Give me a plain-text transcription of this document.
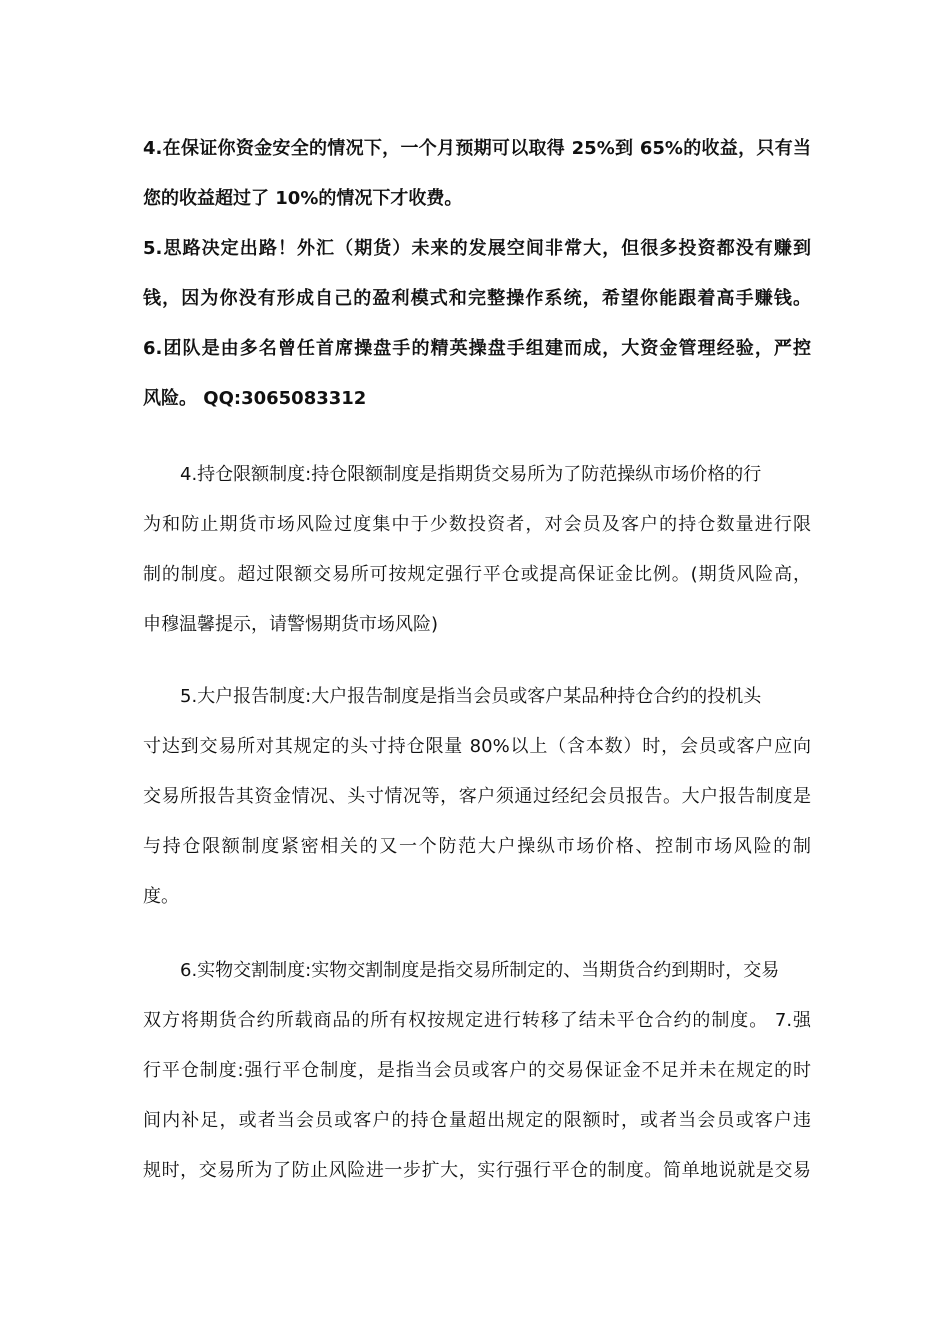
4.在保证你资金安全的情况下，一个月预期可以取得 25%到 65%的收益，只有当
您的收益超过了 10%的情况下才收费。
5.思路决定出路！外汇（期货）未来的发展空间非常大，但很多投资都没有赚到
钱，因为你没有形成自己的盈利模式和完整操作系统，希望你能跟着高手赚钱。
6.团队是由多名曾任首席操盘手的精英操盘手组建而成，大资金管理经验，严控
风险。 QQ:3065083312
4.持仓限额制度:持仓限额制度是指期货交易所为了防范操纵市场价格的行
为和防止期货市场风险过度集中于少数投资者，对会员及客户的持仓数量进行限
制的制度。超过限额交易所可按规定强行平仓或提高保证金比例。(期货风险高，
申穆温馨提示，请警惕期货市场风险)
5.大户报告制度:大户报告制度是指当会员或客户某品种持仓合约的投机头
寸达到交易所对其规定的头寸持仓限量 80%以上（含本数）时，会员或客户应向
交易所报告其资金情况、头寸情况等，客户须通过经纪会员报告。大户报告制度是
与持仓限额制度紧密相关的又一个防范大户操纵市场价格、控制市场风险的制
度。
6.实物交割制度:实物交割制度是指交易所制定的、当期货合约到期时，交易
双方将期货合约所载商品的所有权按规定进行转移了结未平仓合约的制度。 7.强
行平仓制度:强行平仓制度，是指当会员或客户的交易保证金不足并未在规定的时
间内补足，或者当会员或客户的持仓量超出规定的限额时，或者当会员或客户违
规时，交易所为了防止风险进一步扩大，实行强行平仓的制度。简单地说就是交易
